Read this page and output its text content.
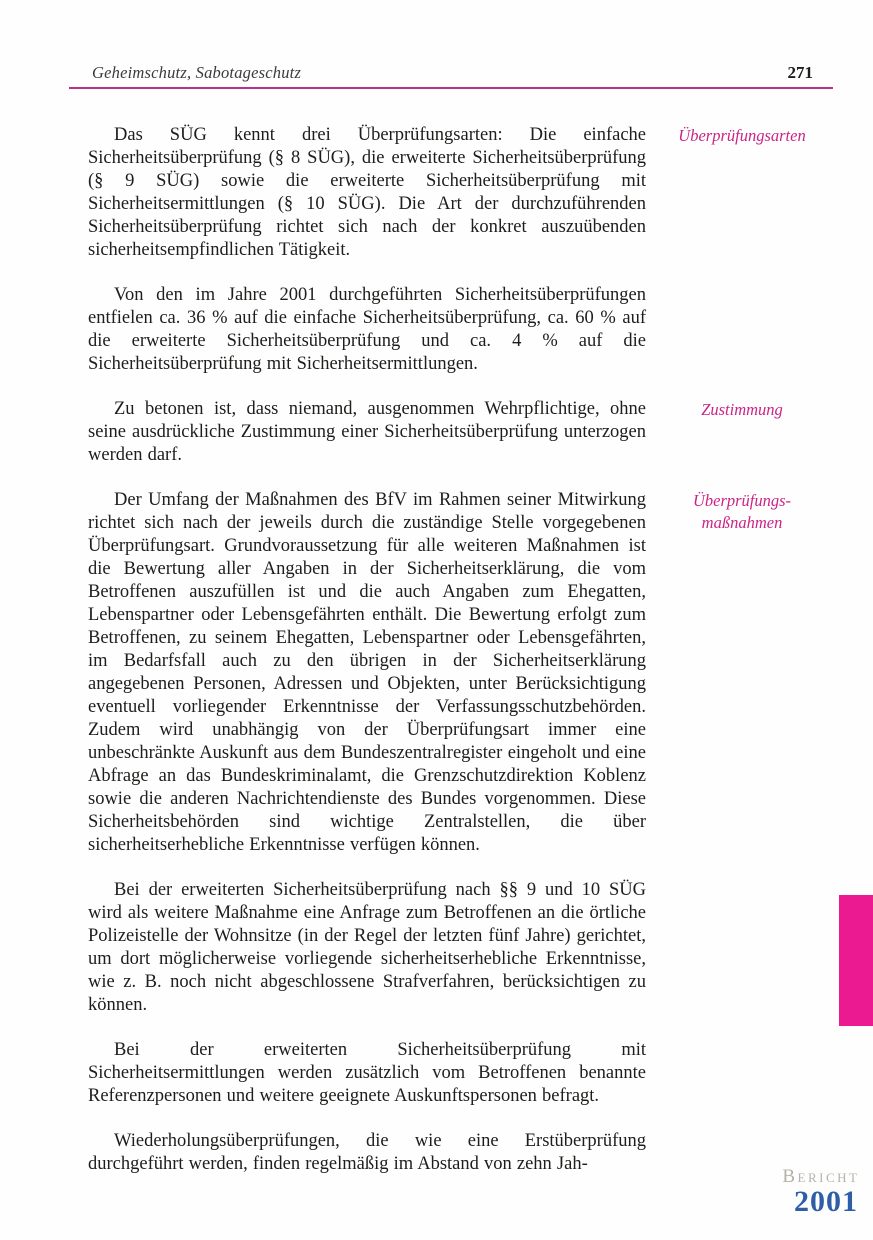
Geheimschutz, Sabotageschutz	271

Das SÜG kennt drei Überprüfungsarten: Die einfache Sicherheitsüberprüfung (§ 8 SÜG), die erweiterte Sicherheitsüberprüfung (§ 9 SÜG) sowie die erweiterte Sicherheitsüberprüfung mit Sicherheitsermittlungen (§ 10 SÜG). Die Art der durchzuführenden Sicherheitsüberprüfung richtet sich nach der konkret auszuübenden sicherheitsempfindlichen Tätigkeit.

Überprüfungsarten

Von den im Jahre 2001 durchgeführten Sicherheitsüberprüfungen entfielen ca. 36 % auf die einfache Sicherheitsüberprüfung, ca. 60 % auf die erweiterte Sicherheitsüberprüfung und ca. 4 % auf die Sicherheitsüberprüfung mit Sicherheitsermittlungen.

Zu betonen ist, dass niemand, ausgenommen Wehrpflichtige, ohne seine ausdrückliche Zustimmung einer Sicherheitsüberprüfung unterzogen werden darf.

Zustimmung

Der Umfang der Maßnahmen des BfV im Rahmen seiner Mitwirkung richtet sich nach der jeweils durch die zuständige Stelle vorgegebenen Überprüfungsart. Grundvoraussetzung für alle weiteren Maßnahmen ist die Bewertung aller Angaben in der Sicherheitserklärung, die vom Betroffenen auszufüllen ist und die auch Angaben zum Ehegatten, Lebenspartner oder Lebensgefährten enthält. Die Bewertung erfolgt zum Betroffenen, zu seinem Ehegatten, Lebenspartner oder Lebensgefährten, im Bedarfsfall auch zu den übrigen in der Sicherheitserklärung angegebenen Personen, Adressen und Objekten, unter Berücksichtigung eventuell vorliegender Erkenntnisse der Verfassungsschutzbehörden. Zudem wird unabhängig von der Überprüfungsart immer eine unbeschränkte Auskunft aus dem Bundeszentralregister eingeholt und eine Abfrage an das Bundeskriminalamt, die Grenzschutzdirektion Koblenz sowie die anderen Nachrichtendienste des Bundes vorgenommen. Diese Sicherheitsbehörden sind wichtige Zentralstellen, die über sicherheitserhebliche Erkenntnisse verfügen können.

Überprüfungs-maßnahmen

Bei der erweiterten Sicherheitsüberprüfung nach §§ 9 und 10 SÜG wird als weitere Maßnahme eine Anfrage zum Betroffenen an die örtliche Polizeistelle der Wohnsitze (in der Regel der letzten fünf Jahre) gerichtet, um dort möglicherweise vorliegende sicherheitserhebliche Erkenntnisse, wie z. B. noch nicht abgeschlossene Strafverfahren, berücksichtigen zu können.

Bei der erweiterten Sicherheitsüberprüfung mit Sicherheitsermittlungen werden zusätzlich vom Betroffenen benannte Referenzpersonen und weitere geeignete Auskunftspersonen befragt.

Wiederholungsüberprüfungen, die wie eine Erstüberprüfung durchgeführt werden, finden regelmäßig im Abstand von zehn Jah-

Bericht
2001
